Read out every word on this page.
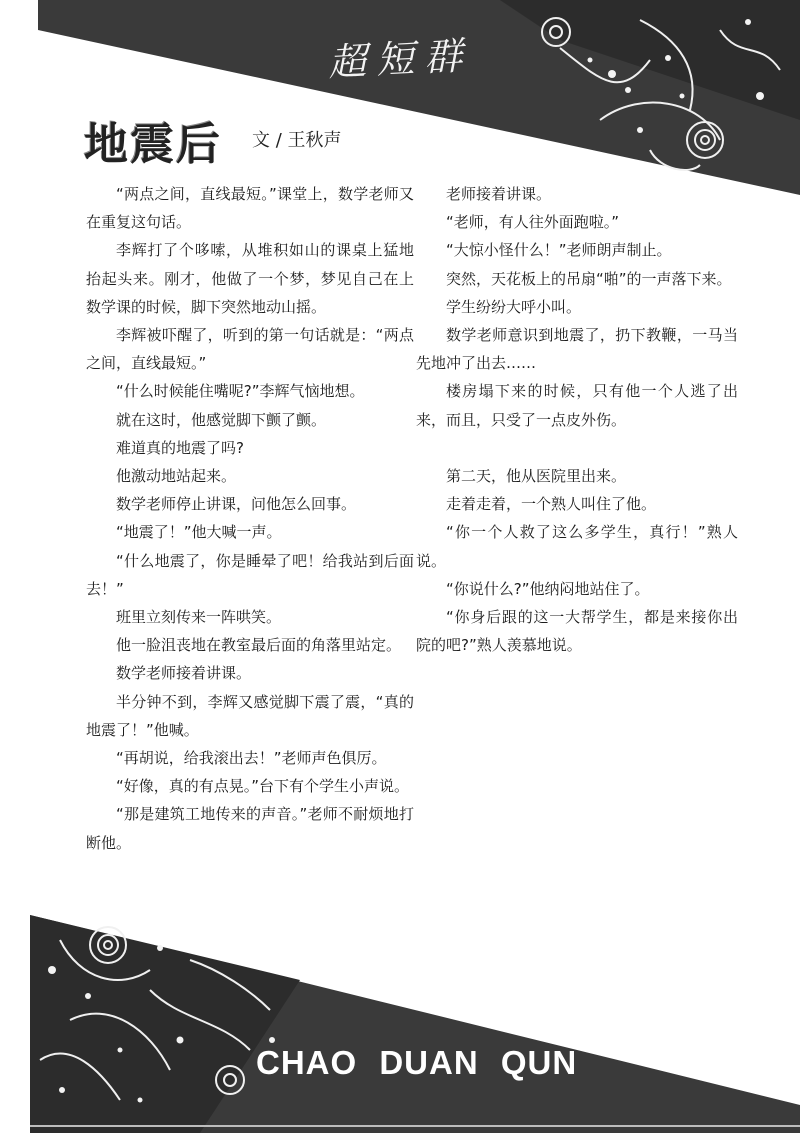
超短群
地震后 文 / 王秋声

“两点之间，直线最短。”课堂上，数学老师又在重复这句话。

李辉打了个哆嗦，从堆积如山的课桌上猛地抬起头来。刚才，他做了一个梦，梦见自己在上数学课的时候，脚下突然地动山摇。

李辉被吓醒了，听到的第一句话就是：“两点之间，直线最短。”

“什么时候能住嘴呢?”李辉气恼地想。

就在这时，他感觉脚下颤了颤。

难道真的地震了吗?

他激动地站起来。

数学老师停止讲课，问他怎么回事。

“地震了！”他大喊一声。

“什么地震了，你是睡晕了吧！给我站到后面去！”

班里立刻传来一阵哄笑。

他一脸沮丧地在教室最后面的角落里站定。

数学老师接着讲课。

半分钟不到，李辉又感觉脚下震了震，“真的地震了！”他喊。

“再胡说，给我滚出去！”老师声色俱厉。

“好像，真的有点晃。”台下有个学生小声说。

“那是建筑工地传来的声音。”老师不耐烦地打断他。

老师接着讲课。

“老师，有人往外面跑啦。”

“大惊小怪什么！”老师朗声制止。

突然，天花板上的吊扇“啪”的一声落下来。

学生纷纷大呼小叫。

数学老师意识到地震了，扔下教鞭，一马当先地冲了出去……

楼房塌下来的时候，只有他一个人逃了出来，而且，只受了一点皮外伤。

第二天，他从医院里出来。

走着走着，一个熟人叫住了他。

“你一个人救了这么多学生，真行！”熟人说。

“你说什么?”他纳闷地站住了。

“你身后跟的这一大帮学生，都是来接你出院的吧?”熟人羡慕地说。

CHAO DUAN QUN
